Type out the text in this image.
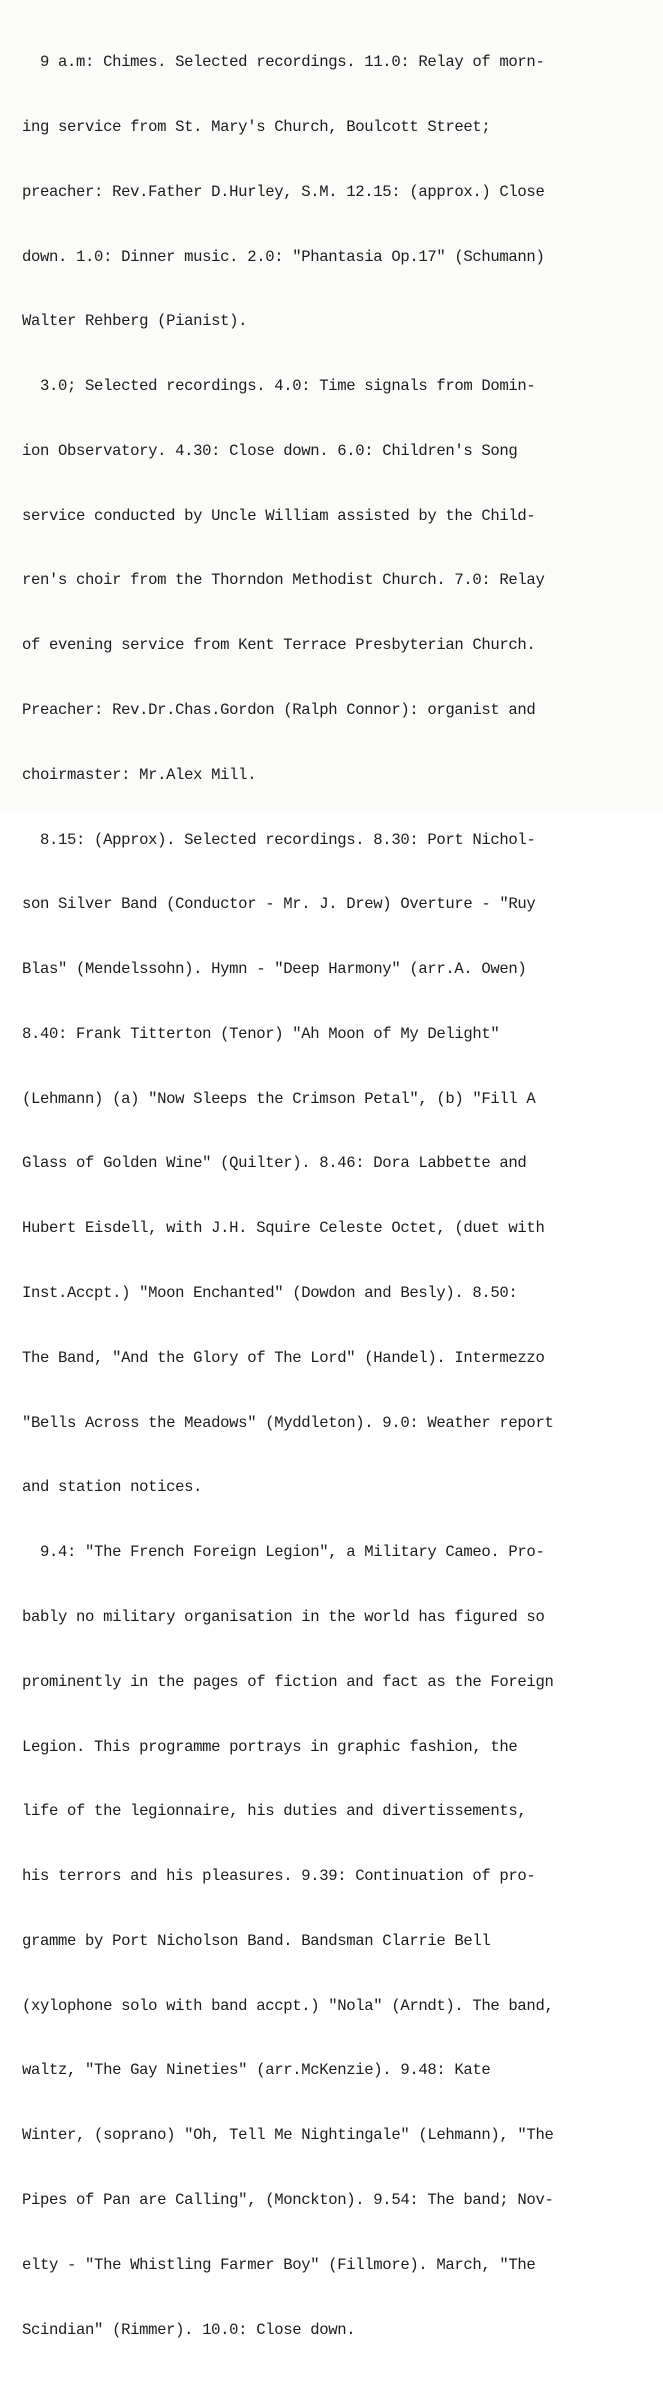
9 a.m: Chimes. Selected recordings. 11.0: Relay of morn-

ing service from St. Mary's Church, Boulcott Street;

preacher: Rev.Father D.Hurley, S.M. 12.15: (approx.) Close

down. 1.0: Dinner music. 2.0: "Phantasia Op.17" (Schumann)

Walter Rehberg (Pianist).

3.0; Selected recordings. 4.0: Time signals from Domin-

ion Observatory. 4.30: Close down. 6.0: Children's Song

service conducted by Uncle William assisted by the Child-

ren's choir from the Thorndon Methodist Church. 7.0: Relay

of evening service from Kent Terrace Presbyterian Church.

Preacher: Rev.Dr.Chas.Gordon (Ralph Connor): organist and

choirmaster: Mr.Alex Mill.

8.15: (Approx). Selected recordings. 8.30: Port Nichol-

son Silver Band (Conductor - Mr. J. Drew) Overture - "Ruy

Blas" (Mendelssohn). Hymn - "Deep Harmony" (arr.A. Owen)

8.40: Frank Titterton (Tenor) "Ah Moon of My Delight"

(Lehmann) (a) "Now Sleeps the Crimson Petal", (b) "Fill A

Glass of Golden Wine" (Quilter). 8.46: Dora Labbette and

Hubert Eisdell, with J.H. Squire Celeste Octet, (duet with

Inst.Accpt.) "Moon Enchanted" (Dowdon and Besly). 8.50:

The Band, "And the Glory of The Lord" (Handel). Intermezzo

"Bells Across the Meadows" (Myddleton). 9.0: Weather report

and station notices.

9.4: "The French Foreign Legion", a Military Cameo. Pro-

bably no military organisation in the world has figured so

prominently in the pages of fiction and fact as the Foreign

Legion. This programme portrays in graphic fashion, the

life of the legionnaire, his duties and divertissements,

his terrors and his pleasures. 9.39: Continuation of pro-

gramme by Port Nicholson Band. Bandsman Clarrie Bell

(xylophone solo with band accpt.) "Nola" (Arndt). The band,

waltz, "The Gay Nineties" (arr.McKenzie). 9.48: Kate

Winter, (soprano) "Oh, Tell Me Nightingale" (Lehmann), "The

Pipes of Pan are Calling", (Monckton). 9.54: The band; Nov-

elty - "The Whistling Farmer Boy" (Fillmore). March, "The

Scindian" (Rimmer). 10.0: Close down.
